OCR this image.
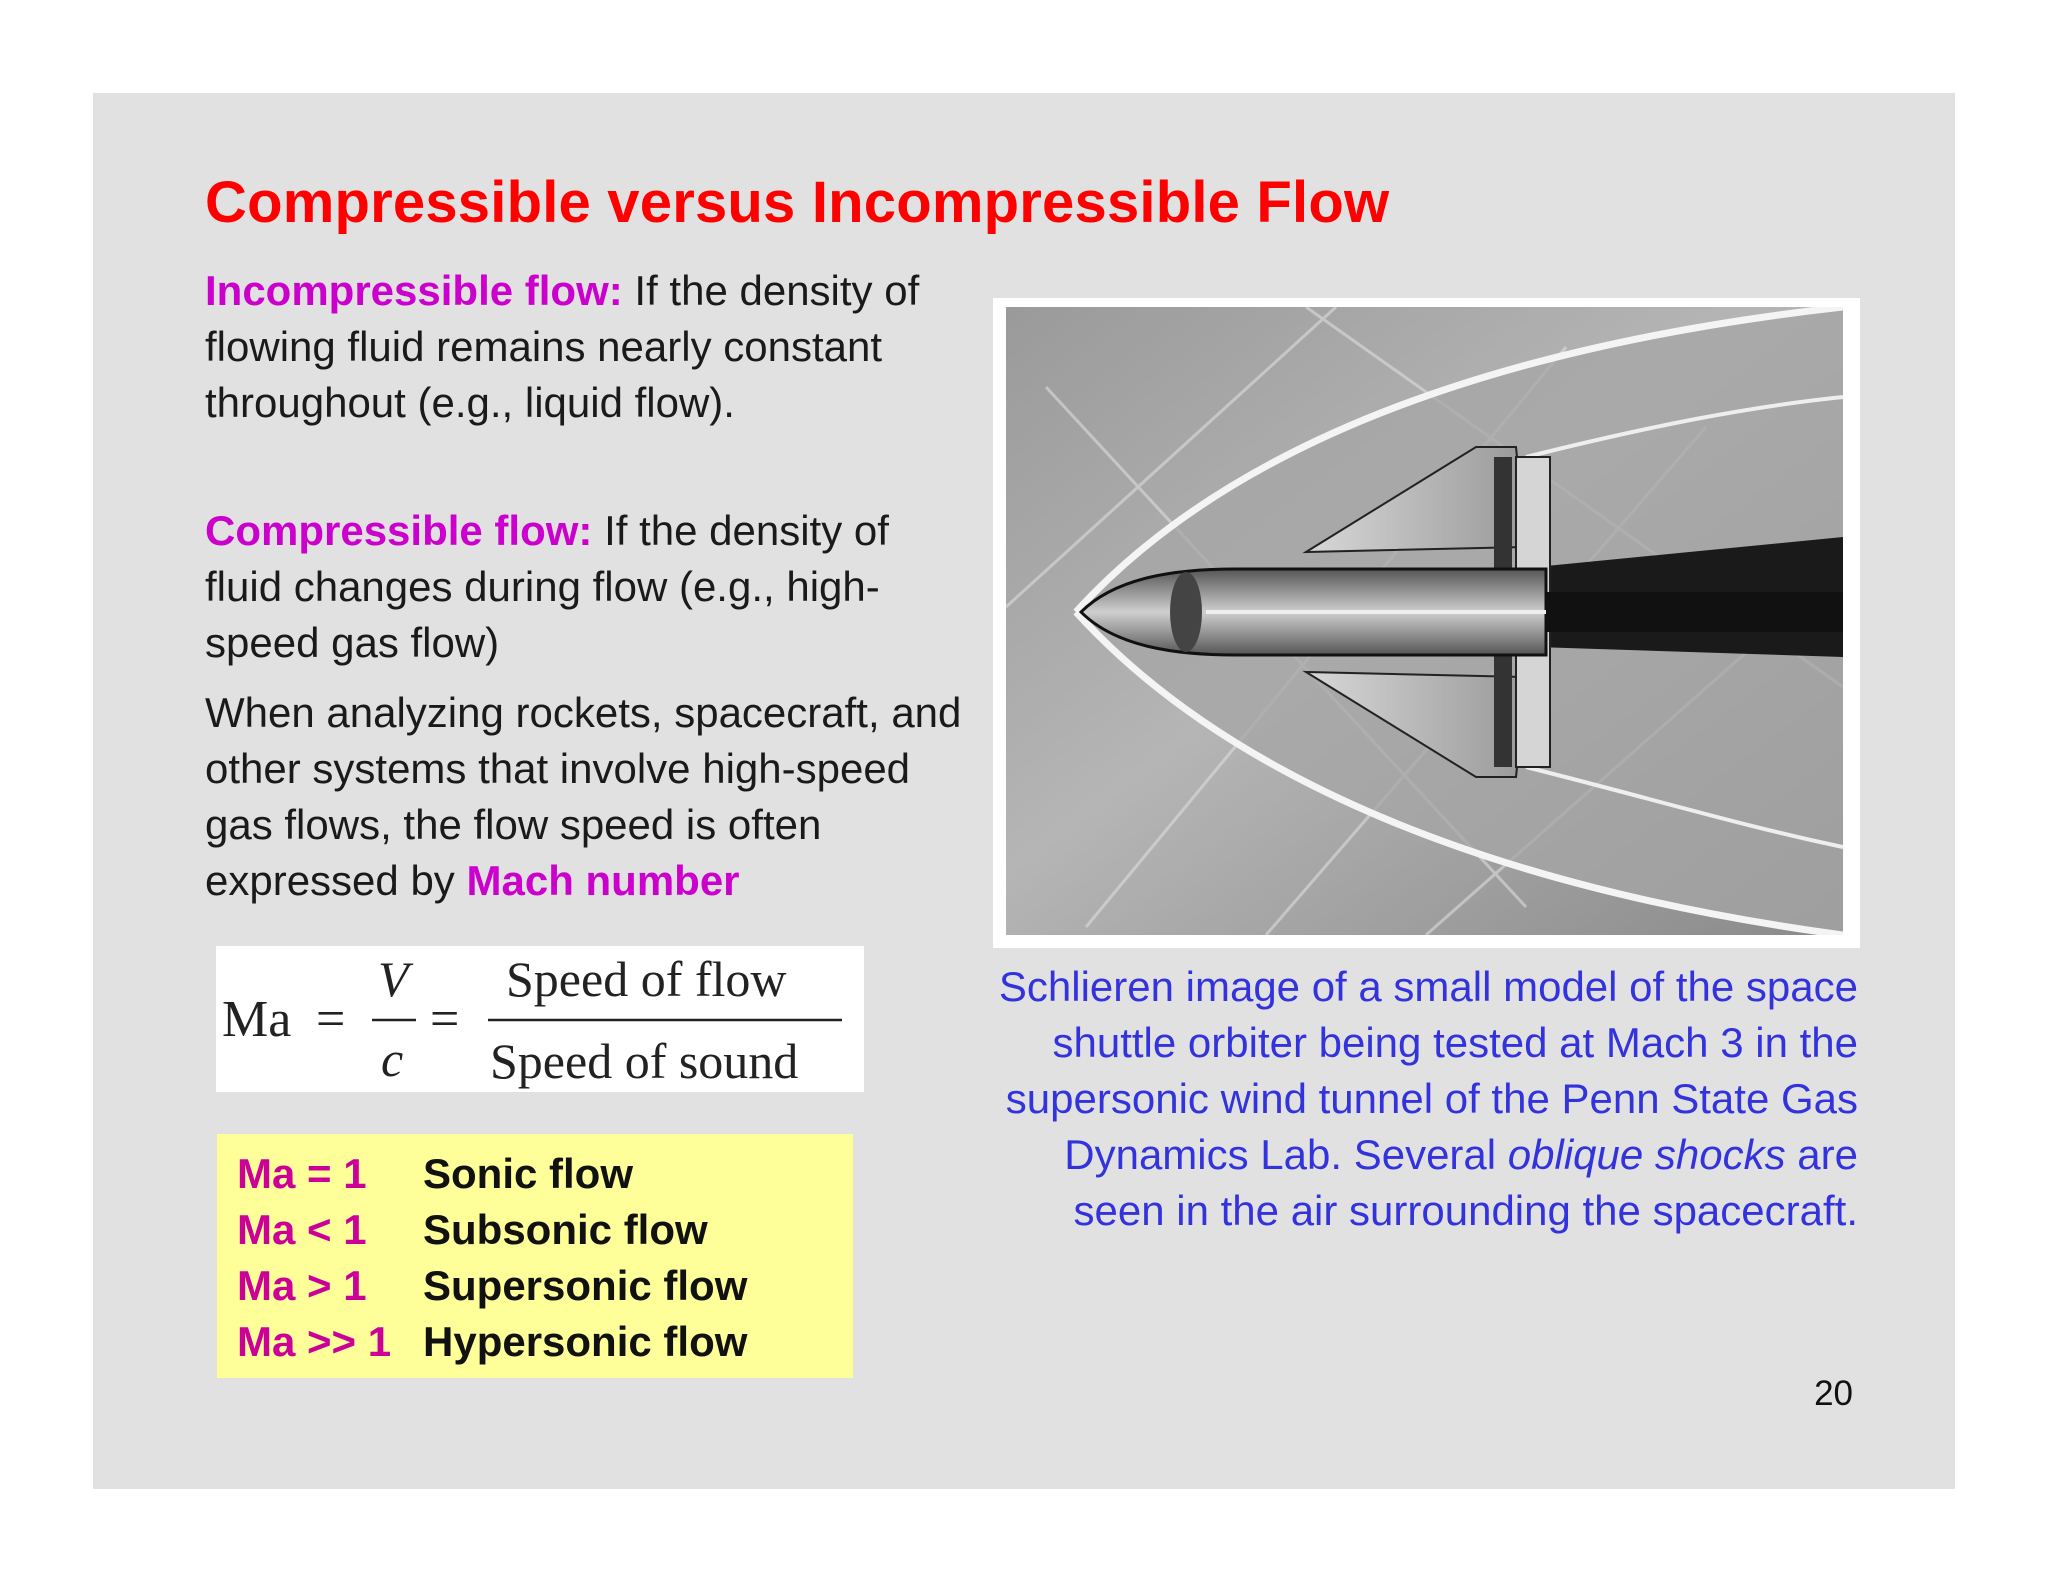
Compressible versus Incompressible Flow

Incompressible flow: If the density of flowing fluid remains nearly constant throughout (e.g., liquid flow).

Compressible flow: If the density of fluid changes during flow (e.g., high-speed gas flow)

When analyzing rockets, spacecraft, and other systems that involve high-speed gas flows, the flow speed is often expressed by Mach number

Ma =
V
c
=
Speed of flow
Speed of sound
Ma = 1 Sonic flow
Ma < 1 Subsonic flow
Ma > 1 Supersonic flow
Ma >> 1 Hypersonic flow

Schlieren image of a small model of the space shuttle orbiter being tested at Mach 3 in the supersonic wind tunnel of the Penn State Gas Dynamics Lab. Several oblique shocks are seen in the air surrounding the spacecraft.

20
